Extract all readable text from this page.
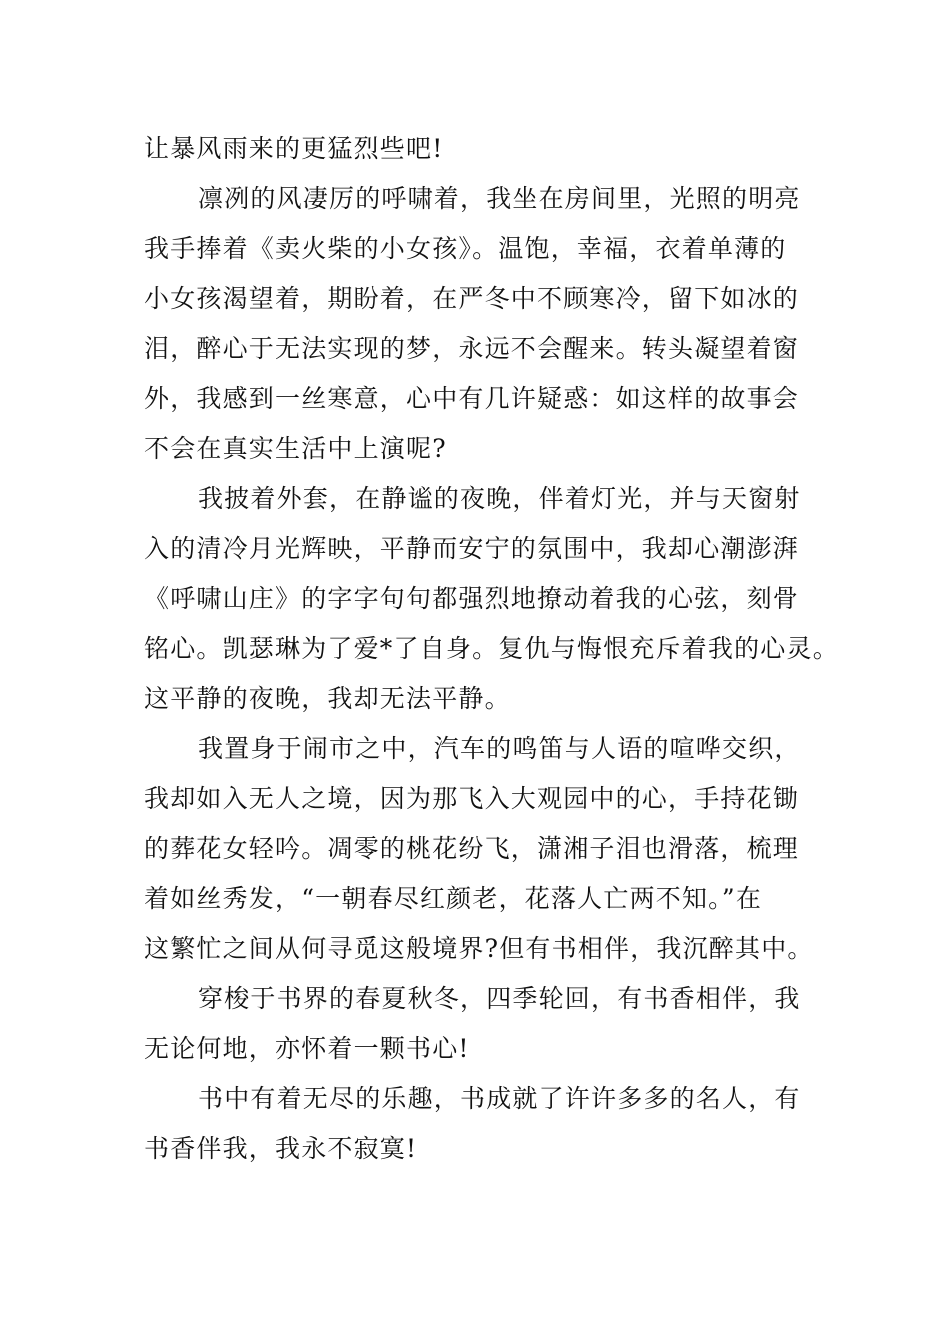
让暴风雨来的更猛烈些吧!
凛冽的风凄厉的呼啸着，我坐在房间里，光照的明亮
我手捧着《卖火柴的小女孩》。温饱，幸福，衣着单薄的
小女孩渴望着，期盼着，在严冬中不顾寒冷，留下如冰的
泪，醉心于无法实现的梦，永远不会醒来。转头凝望着窗
外，我感到一丝寒意，心中有几许疑惑：如这样的故事会
不会在真实生活中上演呢?
我披着外套，在静谧的夜晚，伴着灯光，并与天窗射
入的清冷月光辉映，平静而安宁的氛围中，我却心潮澎湃
《呼啸山庄》的字字句句都强烈地撩动着我的心弦，刻骨
铭心。凯瑟琳为了爱*了自身。复仇与悔恨充斥着我的心灵。
这平静的夜晚，我却无法平静。
我置身于闹市之中，汽车的鸣笛与人语的喧哗交织，
我却如入无人之境，因为那飞入大观园中的心，手持花锄
的葬花女轻吟。凋零的桃花纷飞，潇湘子泪也滑落，梳理
着如丝秀发，“一朝春尽红颜老，花落人亡两不知。”在
这繁忙之间从何寻觅这般境界?但有书相伴，我沉醉其中。
穿梭于书界的春夏秋冬，四季轮回，有书香相伴，我
无论何地，亦怀着一颗书心!
书中有着无尽的乐趣，书成就了许许多多的名人，有
书香伴我，我永不寂寞!
